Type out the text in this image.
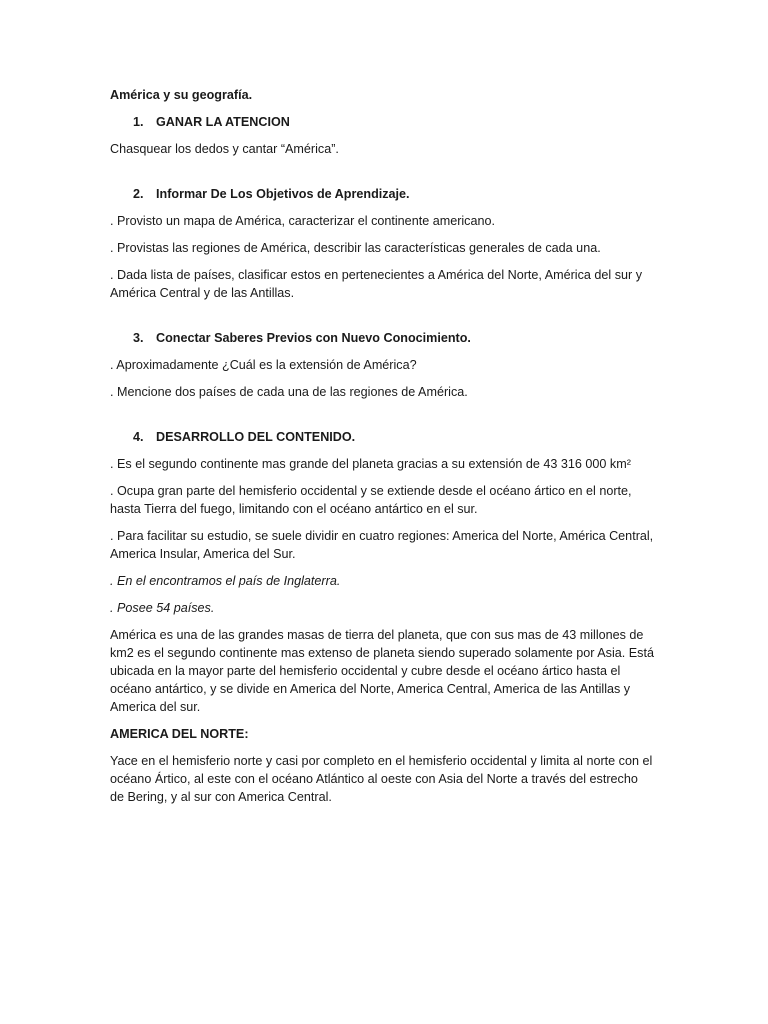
América y su geografía.

1. GANAR LA ATENCION

Chasquear los dedos y cantar “América”.

2. Informar De Los Objetivos de Aprendizaje.

. Provisto un mapa de América, caracterizar el continente americano.

. Provistas las regiones de América, describir las características generales de cada una.

. Dada lista de países, clasificar estos en pertenecientes a América del Norte, América del sur y América Central y de las Antillas.

3. Conectar Saberes Previos con Nuevo Conocimiento.

. Aproximadamente ¿Cuál es la extensión de América?

. Mencione dos países de cada una de las regiones de América.

4. DESARROLLO DEL CONTENIDO.

. Es el segundo continente mas grande del planeta gracias a su extensión de 43 316 000 km²

. Ocupa gran parte del hemisferio occidental y se extiende desde el océano ártico en el norte, hasta Tierra del fuego, limitando con el océano antártico en el sur.

. Para facilitar su estudio, se suele dividir en cuatro regiones: America del Norte, América Central, America Insular, America del Sur.

. En el encontramos el país de Inglaterra.

. Posee 54 países.

América es una de las grandes masas de tierra del planeta, que con sus mas de 43 millones de km2 es el segundo continente mas extenso de planeta siendo superado solamente por Asia. Está ubicada en la mayor parte del hemisferio occidental y cubre desde el océano ártico hasta el océano antártico, y se divide en America del Norte, America Central, America de las Antillas y America del sur.

AMERICA DEL NORTE:

Yace en el hemisferio norte y casi por completo en el hemisferio occidental y limita al norte con el océano Ártico, al este con el océano Atlántico al oeste con Asia del Norte a través del estrecho de Bering, y al sur con America Central.
